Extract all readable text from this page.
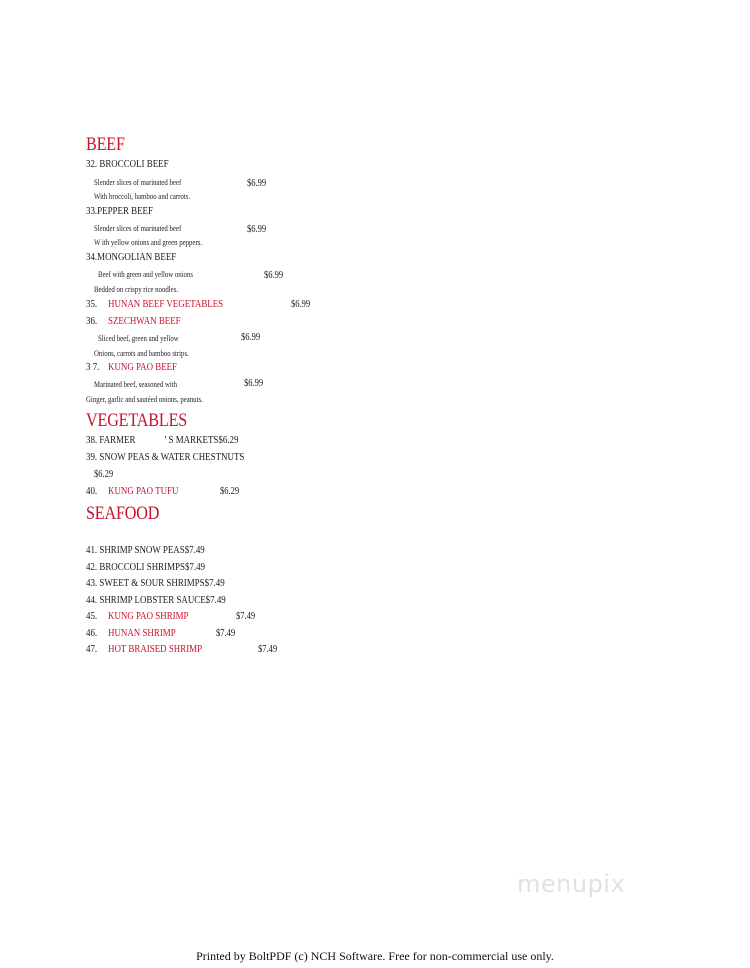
BEEF
32. BROCCOLI BEEF
Slender slices of marinated beef	$6.99
With broccoli, bamboo and carrots.
33.PEPPER BEEF
Slender slices of marinated beef	$6.99
W ith yellow onions and green peppers.
34.MONGOLIAN BEEF
Beef with green and yellow onions	$6.99
Bedded on crispy rice noodles.
35. HUNAN BEEF VEGETABLES	$6.99
36. SZECHWAN BEEF
Sliced beef, green and yellow	$6.99
Onions, carrots and bamboo strips.
3 7. KUNG PAO BEEF
Marinated beef, seasoned with	$6.99
Ginger, garlic and sautéed onions, peanuts.
VEGETABLES
38. FARMER	’ S MARKETS$6.29
39. SNOW PEAS & WATER CHESTNUTS
$6.29
40. KUNG PAO TUFU	$6.29
SEAFOOD
41. SHRIMP SNOW PEAS$7.49
42. BROCCOLI SHRIMPS$7.49
43. SWEET & SOUR SHRIMPS$7.49
44. SHRIMP LOBSTER SAUCE$7.49
45. KUNG PAO SHRIMP	$7.49
46. HUNAN SHRIMP	$7.49
47. HOT BRAISED SHRIMP	$7.49
menupix
Printed by BoltPDF (c) NCH Software. Free for non-commercial use only.
